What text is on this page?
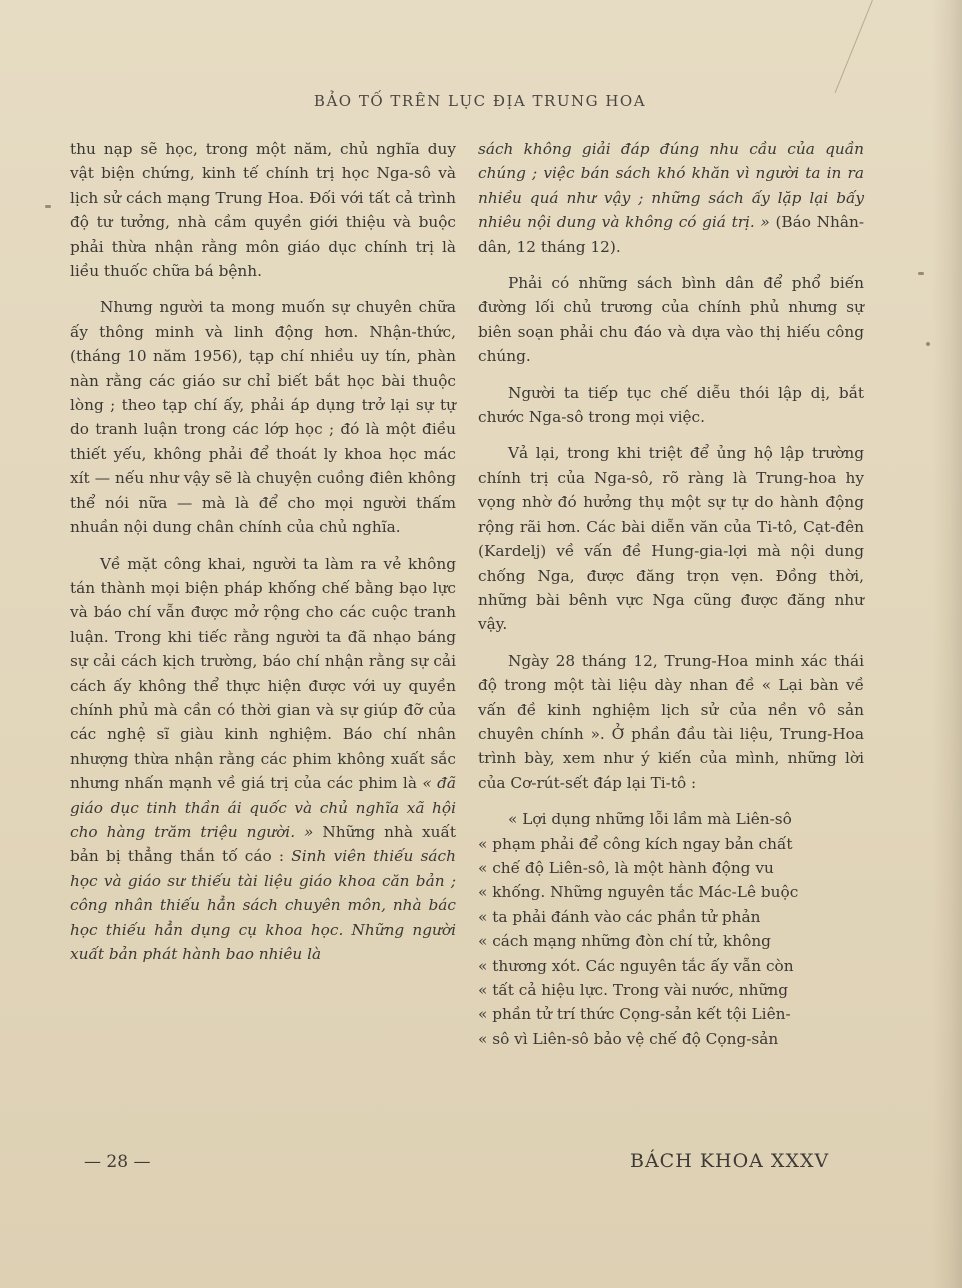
BẢO TỐ TRÊN LỤC ĐỊA TRUNG HOA

thu nạp sẽ học, trong một năm, chủ nghĩa duy vật biện chứng, kinh tế chính trị học Nga-sô và lịch sử cách mạng Trung Hoa. Đối với tất cả trình độ tư tưởng, nhà cầm quyền giới thiệu và buộc phải thừa nhận rằng môn giáo dục chính trị là liều thuốc chữa bá bệnh.

Nhưng người ta mong muốn sự chuyên chữa ấy thông minh và linh động hơn. Nhận-thức, (tháng 10 năm 1956), tạp chí nhiều uy tín, phàn nàn rằng các giáo sư chỉ biết bắt học bài thuộc lòng ; theo tạp chí ấy, phải áp dụng trở lại sự tự do tranh luận trong các lớp học ; đó là một điều thiết yếu, không phải để thoát ly khoa học mác xít — nếu như vậy sẽ là chuyện cuồng điên không thể nói nữa — mà là để cho mọi người thấm nhuần nội dung chân chính của chủ nghĩa.

Về mặt công khai, người ta làm ra vẻ không tán thành mọi biện pháp khống chế bằng bạo lực và báo chí vẫn được mở rộng cho các cuộc tranh luận. Trong khi tiếc rằng người ta đã nhạo báng sự cải cách kịch trường, báo chí nhận rằng sự cải cách ấy không thể thực hiện được với uy quyền chính phủ mà cần có thời gian và sự giúp đỡ của các nghệ sĩ giàu kinh nghiệm. Báo chí nhân nhượng thừa nhận rằng các phim không xuất sắc nhưng nhấn mạnh về giá trị của các phim là « đã giáo dục tinh thần ái quốc và chủ nghĩa xã hội cho hàng trăm triệu người. » Những nhà xuất bản bị thẳng thắn tố cáo : Sinh viên thiếu sách học và giáo sư thiếu tài liệu giáo khoa căn bản ; công nhân thiếu hẳn sách chuyên môn, nhà bác học thiếu hẳn dụng cụ khoa học. Những người xuất bản phát hành bao nhiêu là

sách không giải đáp đúng nhu cầu của quần chúng ; việc bán sách khó khăn vì người ta in ra nhiều quá như vậy ; những sách ấy lặp lại bấy nhiêu nội dung và không có giá trị. » (Báo Nhân-dân, 12 tháng 12).

Phải có những sách bình dân để phổ biến đường lối chủ trương của chính phủ nhưng sự biên soạn phải chu đáo và dựa vào thị hiếu công chúng.

Người ta tiếp tục chế diễu thói lập dị, bắt chước Nga-sô trong mọi việc.

Vả lại, trong khi triệt để ủng hộ lập trường chính trị của Nga-sô, rõ ràng là Trung-hoa hy vọng nhờ đó hưởng thụ một sự tự do hành động rộng rãi hơn. Các bài diễn văn của Ti-tô, Cạt-đên (Kardelj) về vấn đề Hung-gia-lợi mà nội dung chống Nga, được đăng trọn vẹn. Đồng thời, những bài bênh vực Nga cũng được đăng như vậy.

Ngày 28 tháng 12, Trung-Hoa minh xác thái độ trong một tài liệu dày nhan đề « Lại bàn về vấn đề kinh nghiệm lịch sử của nền vô sản chuyên chính ». Ở phần đầu tài liệu, Trung-Hoa trình bày, xem như ý kiến của mình, những lời của Cơ-rút-sết đáp lại Ti-tô :

« Lợi dụng những lỗi lầm mà Liên-sô

« phạm phải để công kích ngay bản chất

« chế độ Liên-sô, là một hành động vu

« khống. Những nguyên tắc Mác-Lê buộc

« ta phải đánh vào các phần tử phản

« cách mạng những đòn chí tử, không

« thương xót. Các nguyên tắc ấy vẫn còn

« tất cả hiệu lực. Trong vài nước, những

« phần tử trí thức Cọng-sản kết tội Liên-

« sô vì Liên-sô bảo vệ chế độ Cọng-sản

— 28 —	BÁCH KHOA XXXV
